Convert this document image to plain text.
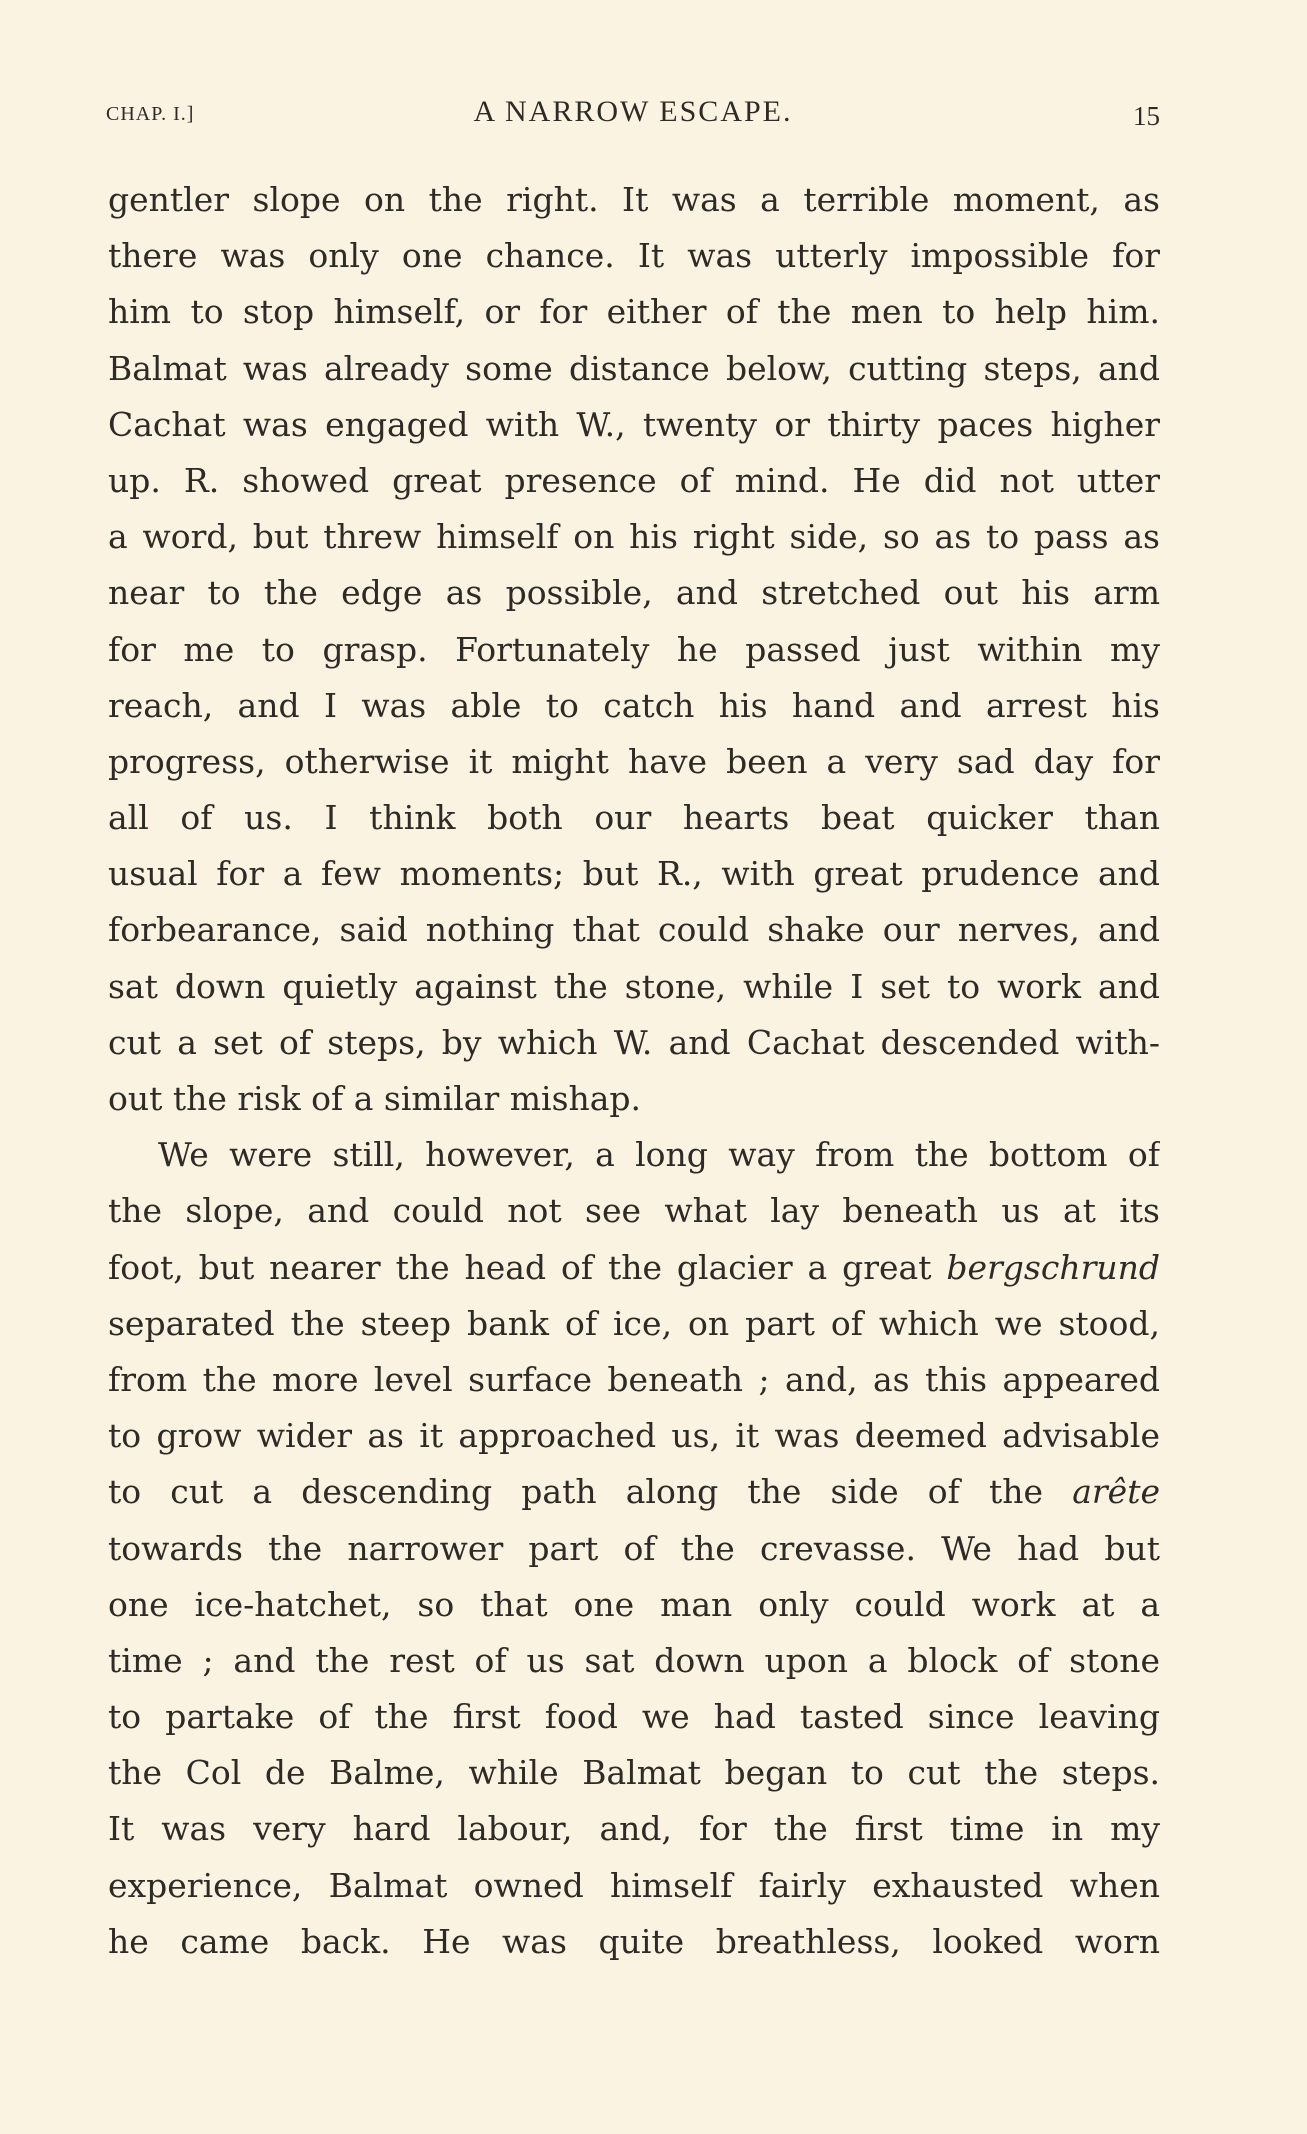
CHAP. I.]	A NARROW ESCAPE.	15
gentler slope on the right. It was a terrible moment, as
there was only one chance. It was utterly impossible for
him to stop himself, or for either of the men to help him.
Balmat was already some distance below, cutting steps, and
Cachat was engaged with W., twenty or thirty paces higher
up. R. showed great presence of mind. He did not utter
a word, but threw himself on his right side, so as to pass as
near to the edge as possible, and stretched out his arm
for me to grasp. Fortunately he passed just within my
reach, and I was able to catch his hand and arrest his
progress, otherwise it might have been a very sad day for
all of us. I think both our hearts beat quicker than
usual for a few moments; but R., with great prudence and
forbearance, said nothing that could shake our nerves, and
sat down quietly against the stone, while I set to work and
cut a set of steps, by which W. and Cachat descended with-
out the risk of a similar mishap.
We were still, however, a long way from the bottom of
the slope, and could not see what lay beneath us at its
foot, but nearer the head of the glacier a great bergschrund
separated the steep bank of ice, on part of which we stood,
from the more level surface beneath ; and, as this appeared
to grow wider as it approached us, it was deemed advisable
to cut a descending path along the side of the arête
towards the narrower part of the crevasse. We had but
one ice-hatchet, so that one man only could work at a
time ; and the rest of us sat down upon a block of stone
to partake of the first food we had tasted since leaving
the Col de Balme, while Balmat began to cut the steps.
It was very hard labour, and, for the first time in my
experience, Balmat owned himself fairly exhausted when
he came back. He was quite breathless, looked worn
